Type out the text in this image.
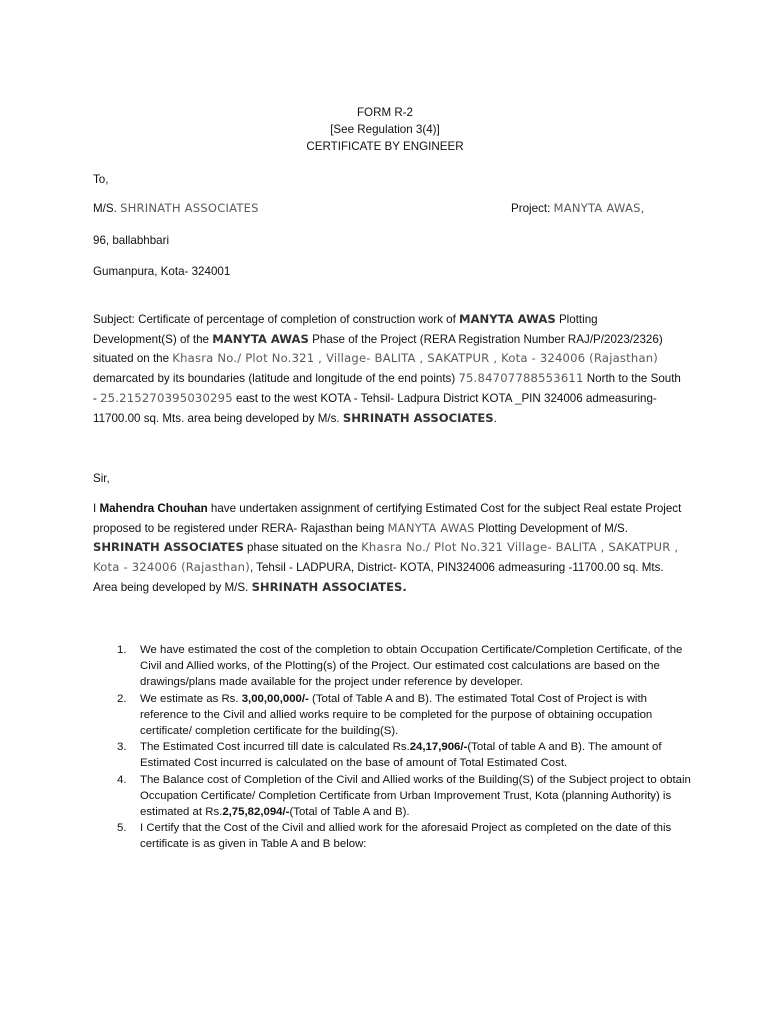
FORM R-2
[See Regulation 3(4)]
CERTIFICATE BY ENGINEER
To,
M/S. SHRINATH ASSOCIATES	Project: MANYTA AWAS,
96, ballabhbari
Gumanpura, Kota- 324001
Subject: Certificate of percentage of completion of construction work of MANYTA AWAS Plotting Development(S) of the MANYTA AWAS Phase of the Project (RERA Registration Number RAJ/P/2023/2326) situated on the Khasra No./ Plot No.321 , Village- BALITA , SAKATPUR , Kota - 324006 (Rajasthan) demarcated by its boundaries (latitude and longitude of the end points) 75.84707788553611 North to the South - 25.215270395030295 east to the west KOTA - Tehsil- Ladpura District KOTA _PIN 324006 admeasuring-11700.00 sq. Mts. area being developed by M/s. SHRINATH ASSOCIATES.
Sir,
I Mahendra Chouhan have undertaken assignment of certifying Estimated Cost for the subject Real estate Project proposed to be registered under RERA- Rajasthan being MANYTA AWAS Plotting Development of M/S. SHRINATH ASSOCIATES phase situated on the Khasra No./ Plot No.321 Village- BALITA , SAKATPUR , Kota - 324006 (Rajasthan), Tehsil - LADPURA, District- KOTA, PIN324006 admeasuring -11700.00 sq. Mts. Area being developed by M/S. SHRINATH ASSOCIATES.
1. We have estimated the cost of the completion to obtain Occupation Certificate/Completion Certificate, of the Civil and Allied works, of the Plotting(s) of the Project. Our estimated cost calculations are based on the drawings/plans made available for the project under reference by developer.
2. We estimate as Rs. 3,00,00,000/- (Total of Table A and B). The estimated Total Cost of Project is with reference to the Civil and allied works require to be completed for the purpose of obtaining occupation certificate/ completion certificate for the building(S).
3. The Estimated Cost incurred till date is calculated Rs.24,17,906/-(Total of table A and B). The amount of Estimated Cost incurred is calculated on the base of amount of Total Estimated Cost.
4. The Balance cost of Completion of the Civil and Allied works of the Building(S) of the Subject project to obtain Occupation Certificate/ Completion Certificate from Urban Improvement Trust, Kota (planning Authority) is estimated at Rs.2,75,82,094/-(Total of Table A and B).
5. I Certify that the Cost of the Civil and allied work for the aforesaid Project as completed on the date of this certificate is as given in Table A and B below:
